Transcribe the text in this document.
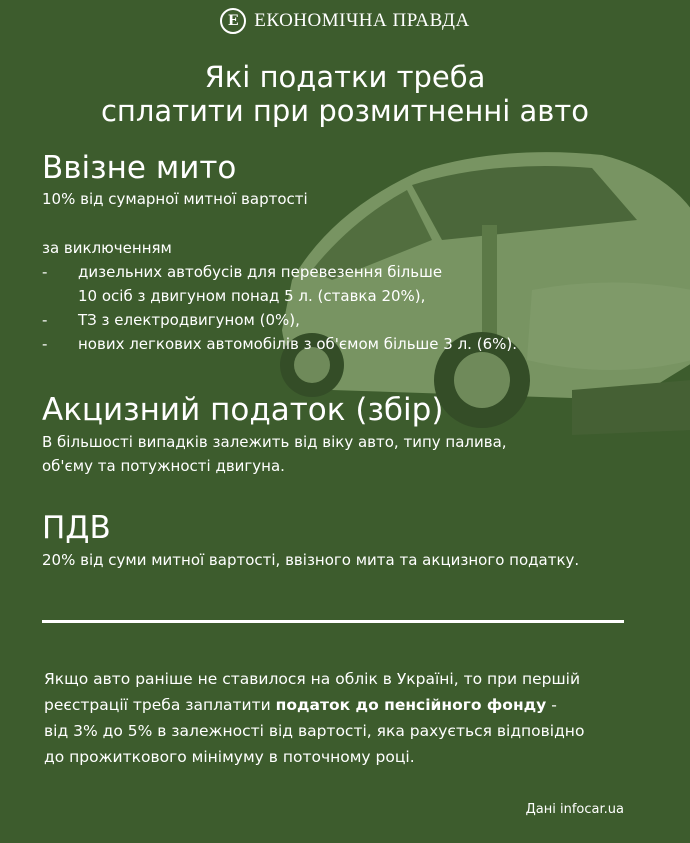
Е ЕКОНОМІЧНА ПРАВДА
Які податки треба
сплатити при розмитненні авто
Ввізне мито
10% від сумарної митної вартості
за виключенням
- дизельних автобусів для перевезення більше
10 осіб з двигуном понад 5 л. (ставка 20%),
- ТЗ з електродвигуном (0%),
- нових легкових автомобілів з об'ємом більше 3 л. (6%).
Акцизний податок (збір)
В більшості випадків залежить від віку авто, типу палива,
об'єму та потужності двигуна.
ПДВ
20% від суми митної вартості, ввізного мита та акцизного податку.
Якщо авто раніше не ставилося на облік в Україні, то при першій
реєстрації треба заплатити податок до пенсійного фонду -
від 3% до 5% в залежності від вартості, яка рахується відповідно
до прожиткового мінімуму в поточному році.
Дані infocar.ua
